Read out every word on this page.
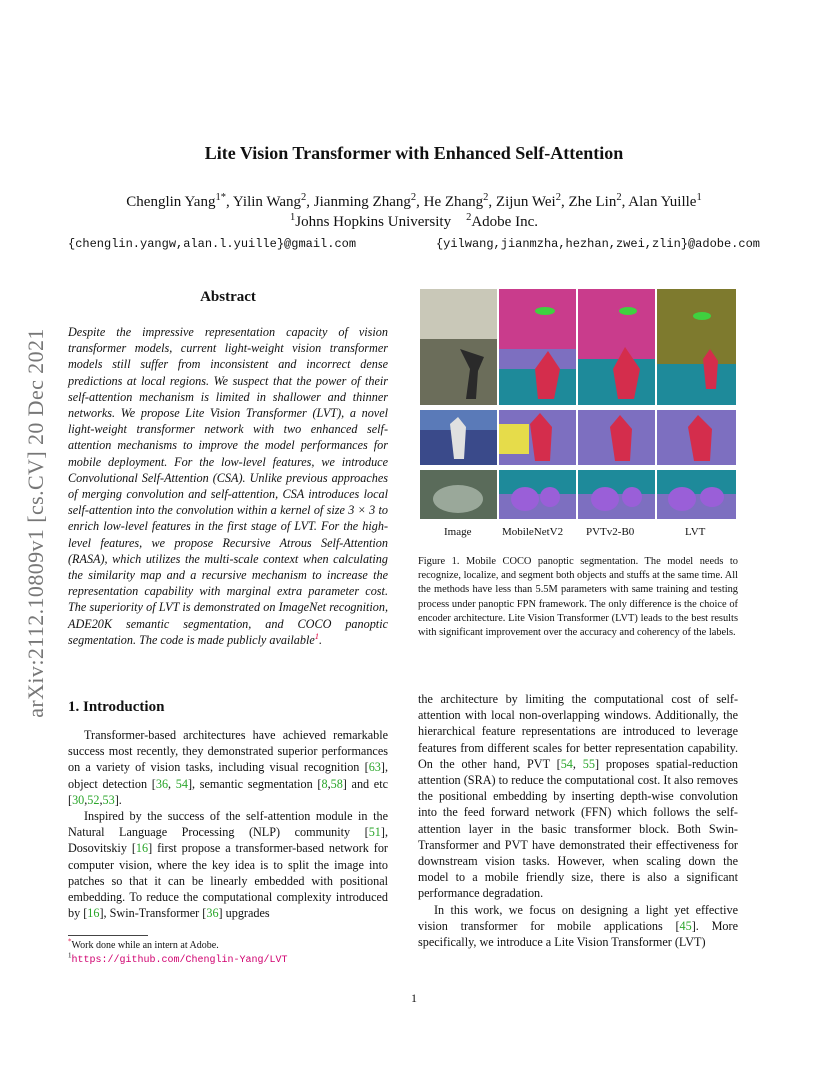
arXiv:2112.10809v1 [cs.CV] 20 Dec 2021
Lite Vision Transformer with Enhanced Self-Attention
Chenglin Yang$^{1*}$, Yilin Wang$^2$, Jianming Zhang$^2$, He Zhang$^2$, Zijun Wei$^2$, Zhe Lin$^2$, Alan Yuille$^1$
$^1$Johns Hopkins University $^2$Adobe Inc.
{chenglin.yangw,alan.l.yuille}@gmail.com	{yilwang,jianmzha,hezhan,zwei,zlin}@adobe.com
Abstract
Despite the impressive representation capacity of vision transformer models, current light-weight vision transformer models still suffer from inconsistent and incorrect dense predictions at local regions. We suspect that the power of their self-attention mechanism is limited in shallower and thinner networks. We propose Lite Vision Transformer (LVT), a novel light-weight transformer network with two enhanced self-attention mechanisms to improve the model performances for mobile deployment. For the low-level features, we introduce Convolutional Self-Attention (CSA). Unlike previous approaches of merging convolution and self-attention, CSA introduces local self-attention into the convolution within a kernel of size 3 × 3 to enrich low-level features in the first stage of LVT. For the high-level features, we propose Recursive Atrous Self-Attention (RASA), which utilizes the multi-scale context when calculating the similarity map and a recursive mechanism to increase the representation capability with marginal extra parameter cost. The superiority of LVT is demonstrated on ImageNet recognition, ADE20K semantic segmentation, and COCO panoptic segmentation. The code is made publicly available$^1$.
Image	MobileNetV2 PVTv2-B0	LVT
Figure 1. Mobile COCO panoptic segmentation. The model needs to recognize, localize, and segment both objects and stuffs at the same time. All the methods have less than 5.5M parameters with same training and testing process under panoptic FPN framework. The only difference is the choice of encoder architecture. Lite Vision Transformer (LVT) leads to the best results with significant improvement over the accuracy and coherency of the labels.
1. Introduction

Transformer-based architectures have achieved remarkable success most recently, they demonstrated superior performances on a variety of vision tasks, including visual recognition [63], object detection [36, 54], semantic segmentation [8,58] and etc [30,52,53].

Inspired by the success of the self-attention module in the Natural Language Processing (NLP) community [51], Dosovitskiy [16] first propose a transformer-based network for computer vision, where the key idea is to split the image into patches so that it can be linearly embedded with positional embedding. To reduce the computational complexity introduced by [16], Swin-Transformer [36] upgrades

the architecture by limiting the computational cost of self-attention with local non-overlapping windows. Additionally, the hierarchical feature representations are introduced to leverage features from different scales for better representation capability. On the other hand, PVT [54, 55] proposes spatial-reduction attention (SRA) to reduce the computational cost. It also removes the positional embedding by inserting depth-wise convolution into the feed forward network (FFN) which follows the self-attention layer in the basic transformer block. Both Swin-Transformer and PVT have demonstrated their effectiveness for downstream vision tasks. However, when scaling down the model to a mobile friendly size, there is also a significant performance degradation.

In this work, we focus on designing a light yet effective vision transformer for mobile applications [45]. More specifically, we introduce a Lite Vision Transformer (LVT)

*Work done while an intern at Adobe.
$^1$https://github.com/Chenglin-Yang/LVT
1
